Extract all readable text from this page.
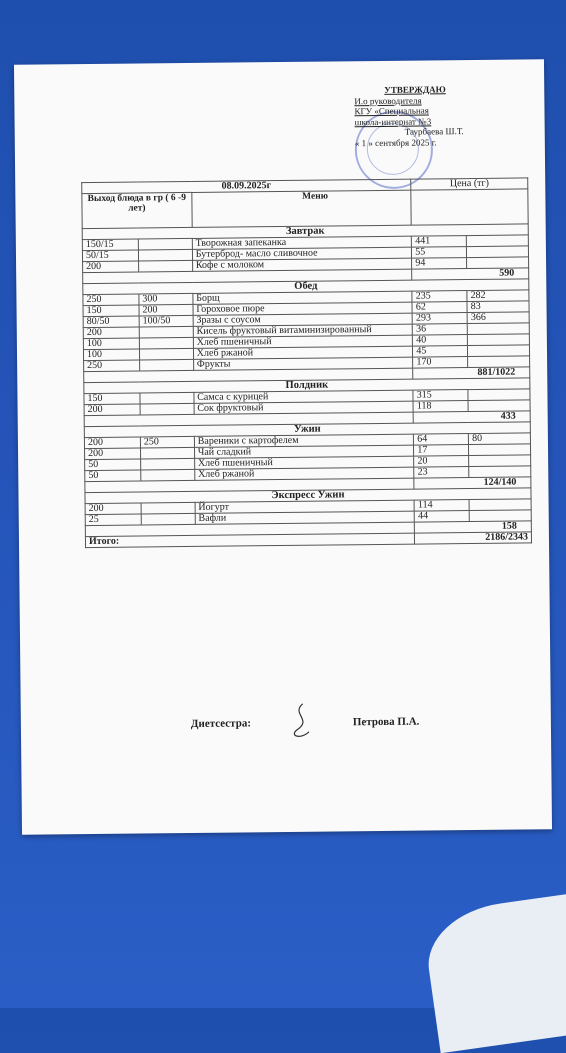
УТВЕРЖДАЮ
И.о руководителя
КГУ «Специальная
школа-интернат №3
Таурбаева Ш.Т.
« 1 » сентября 2025 г.
08.09.2025г			Цена (тг)	
Выход блюда в гр ( 6 -9 лет)		Меню		
Завтрак				
150/15		Творожная запеканка	441	
50/15		Бутерброд- масло сливочное	55	
200		Кофе с молоком	94	
			590	
Обед				
250	300	Борщ	235	282
150	200	Гороховое пюре	62	83
80/50	100/50	Зразы с соусом	293	366
200		Кисель фруктовый витаминизированный	36	
100		Хлеб пшеничный	40	
100		Хлеб ржаной	45	
250		Фрукты	170	
			881/1022	
Полдник				
150		Самса с курицей	315	
200		Сок фруктовый	118	
			433	
Ужин				
200	250	Вареники с картофелем	64	80
200		Чай сладкий	17	
50		Хлеб пшеничный	20	
50		Хлеб ржаной	23	
			124/140	
Экспресс Ужин				
200		Йогурт	114	
25		Вафли	44	
			158	
Итого:			2186/2343	
Диетсестра:	Петрова П.А.
